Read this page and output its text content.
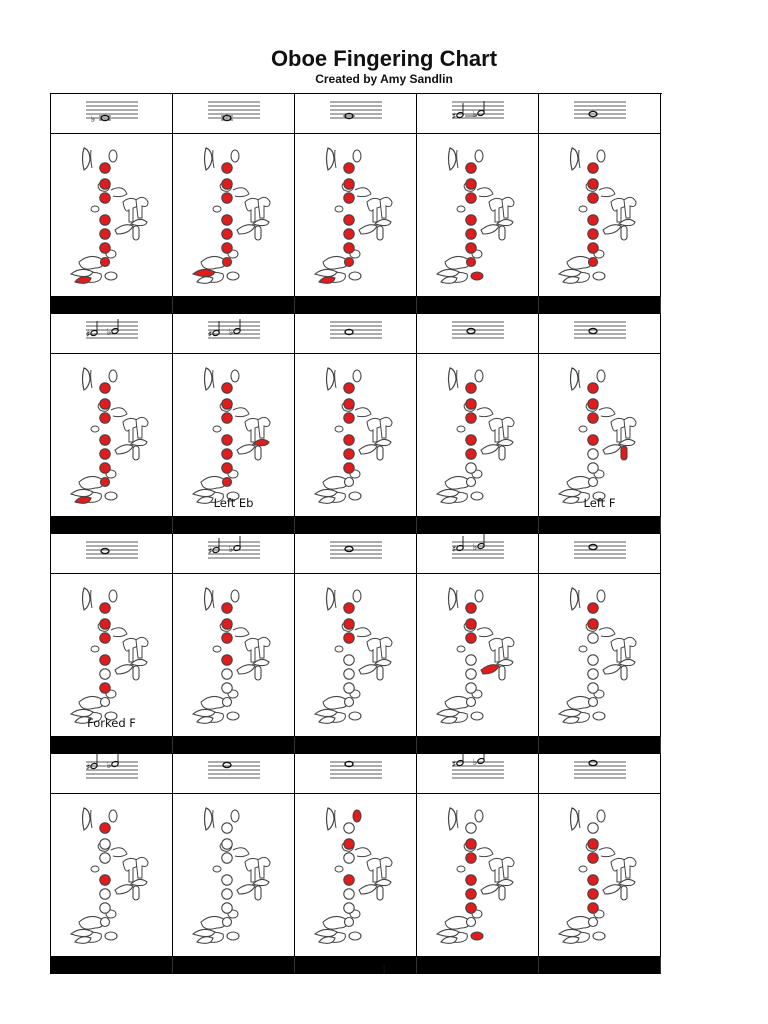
Oboe Fingering Chart
Created by Amy Sandlin
♭	♯ ♭
♯ ♭	♯ ♭
Left Eb	Left F
♯ ♭	♯ ♭
Forked F
♯ ♭	♯ ♭
1
